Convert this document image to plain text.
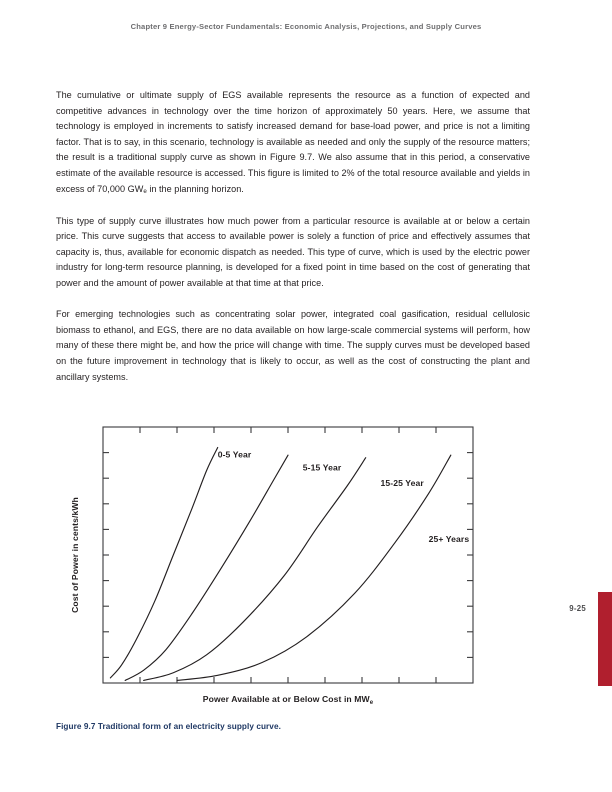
Chapter 9 Energy-Sector Fundamentals: Economic Analysis, Projections, and Supply Curves

The cumulative or ultimate supply of EGS available represents the resource as a function of expected and competitive advances in technology over the time horizon of approximately 50 years. Here, we assume that technology is employed in increments to satisfy increased demand for base-load power, and price is not a limiting factor. That is to say, in this scenario, technology is available as needed and only the supply of the resource matters; the result is a traditional supply curve as shown in Figure 9.7. We also assume that in this period, a conservative estimate of the available resource is accessed. This figure is limited to 2% of the total resource available and yields in excess of 70,000 $GW_e$ in the planning horizon.

This type of supply curve illustrates how much power from a particular resource is available at or below a certain price. This curve suggests that access to available power is solely a function of price and effectively assumes that capacity is, thus, available for economic dispatch as needed. This type of curve, which is used by the electric power industry for long-term resource planning, is developed for a fixed point in time based on the cost of generating that power and the amount of power available at that time at that price.

For emerging technologies such as concentrating solar power, integrated coal gasification, residual cellulosic biomass to ethanol, and EGS, there are no data available on how large-scale commercial systems will perform, how many of these there might be, and how the price will change with time. The supply curves must be developed based on the future improvement in technology that is likely to occur, as well as the cost of constructing the plant and ancillary systems.

0-5 Year
5-15 Year
15-25 Year
25+ Years
Cost of Power in cents/kWh
Power Available at or Below Cost in $MW_e$
Figure 9.7 Traditional form of an electricity supply curve.
9-25
